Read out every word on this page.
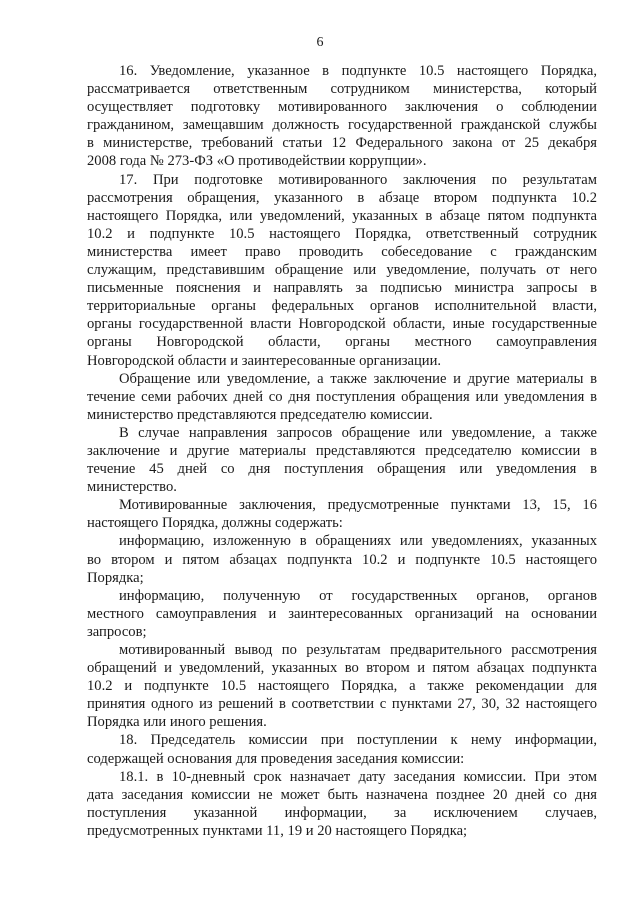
6
16. Уведомление, указанное в подпункте 10.5 настоящего Порядка,
рассматривается ответственным сотрудником министерства, который
осуществляет подготовку мотивированного заключения о соблюдении
гражданином, замещавшим должность государственной гражданской службы
в министерстве, требований статьи 12 Федерального закона от 25 декабря
2008 года № 273-ФЗ «О противодействии коррупции».
17. При подготовке мотивированного заключения по результатам
рассмотрения обращения, указанного в абзаце втором подпункта 10.2
настоящего Порядка, или уведомлений, указанных в абзаце пятом подпункта
10.2 и подпункте 10.5 настоящего Порядка, ответственный сотрудник
министерства имеет право проводить собеседование с гражданским
служащим, представившим обращение или уведомление, получать от него
письменные пояснения и направлять за подписью министра запросы в
территориальные органы федеральных органов исполнительной власти,
органы государственной власти Новгородской области, иные государственные
органы Новгородской области, органы местного самоуправления
Новгородской области и заинтересованные организации.
Обращение или уведомление, а также заключение и другие материалы в
течение семи рабочих дней со дня поступления обращения или уведомления в
министерство представляются председателю комиссии.
В случае направления запросов обращение или уведомление, а также
заключение и другие материалы представляются председателю комиссии в
течение 45 дней со дня поступления обращения или уведомления в
министерство.
Мотивированные заключения, предусмотренные пунктами 13, 15, 16
настоящего Порядка, должны содержать:
информацию, изложенную в обращениях или уведомлениях, указанных
во втором и пятом абзацах подпункта 10.2 и подпункте 10.5 настоящего
Порядка;
информацию, полученную от государственных органов, органов
местного самоуправления и заинтересованных организаций на основании
запросов;
мотивированный вывод по результатам предварительного рассмотрения
обращений и уведомлений, указанных во втором и пятом абзацах подпункта
10.2 и подпункте 10.5 настоящего Порядка, а также рекомендации для
принятия одного из решений в соответствии с пунктами 27, 30, 32 настоящего
Порядка или иного решения.
18. Председатель комиссии при поступлении к нему информации,
содержащей основания для проведения заседания комиссии:
18.1. в 10-дневный срок назначает дату заседания комиссии. При этом
дата заседания комиссии не может быть назначена позднее 20 дней со дня
поступления указанной информации, за исключением случаев,
предусмотренных пунктами 11, 19 и 20 настоящего Порядка;
